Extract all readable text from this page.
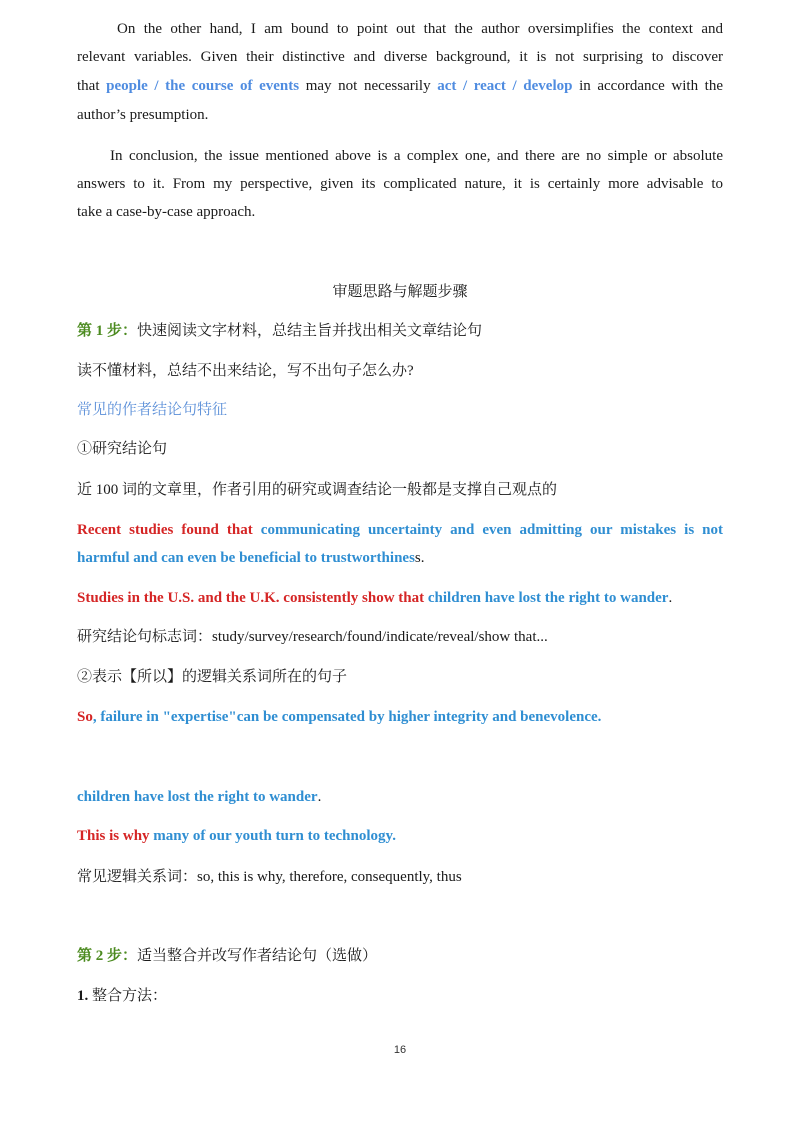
On the other hand, I am bound to point out that the author oversimplifies the context and
relevant variables. Given their distinctive and diverse background, it is not surprising to discover
that people / the course of events may not necessarily act / react / develop in accordance with the
author’s presumption.
In conclusion, the issue mentioned above is a complex one, and there are no simple or absolute
answers to it. From my perspective, given its complicated nature, it is certainly more advisable to
take a case-by-case approach.
审题思路与解题步骤
第 1 步：快速阅读文字材料，总结主旨并找出相关文章结论句
读不懂材料，总结不出来结论，写不出句子怎么办?
常见的作者结论句特征
①研究结论句
近 100 词的文章里，作者引用的研究或调查结论一般都是支撑自己观点的
Recent studies found that communicating uncertainty and even admitting our mistakes is not
harmful and can even be beneficial to trustworthiness.
Studies in the U.S. and the U.K. consistently show that children have lost the right to wander.
研究结论句标志词：study/survey/research/found/indicate/reveal/show that...
②表示【所以】的逻辑关系词所在的句子
So, failure in "expertise"can be compensated by higher integrity and benevolence.
children have lost the right to wander.
This is why many of our youth turn to technology.
常见逻辑关系词：so, this is why, therefore, consequently, thus
第 2 步：适当整合并改写作者结论句（选做）
1. 整合方法：
16
